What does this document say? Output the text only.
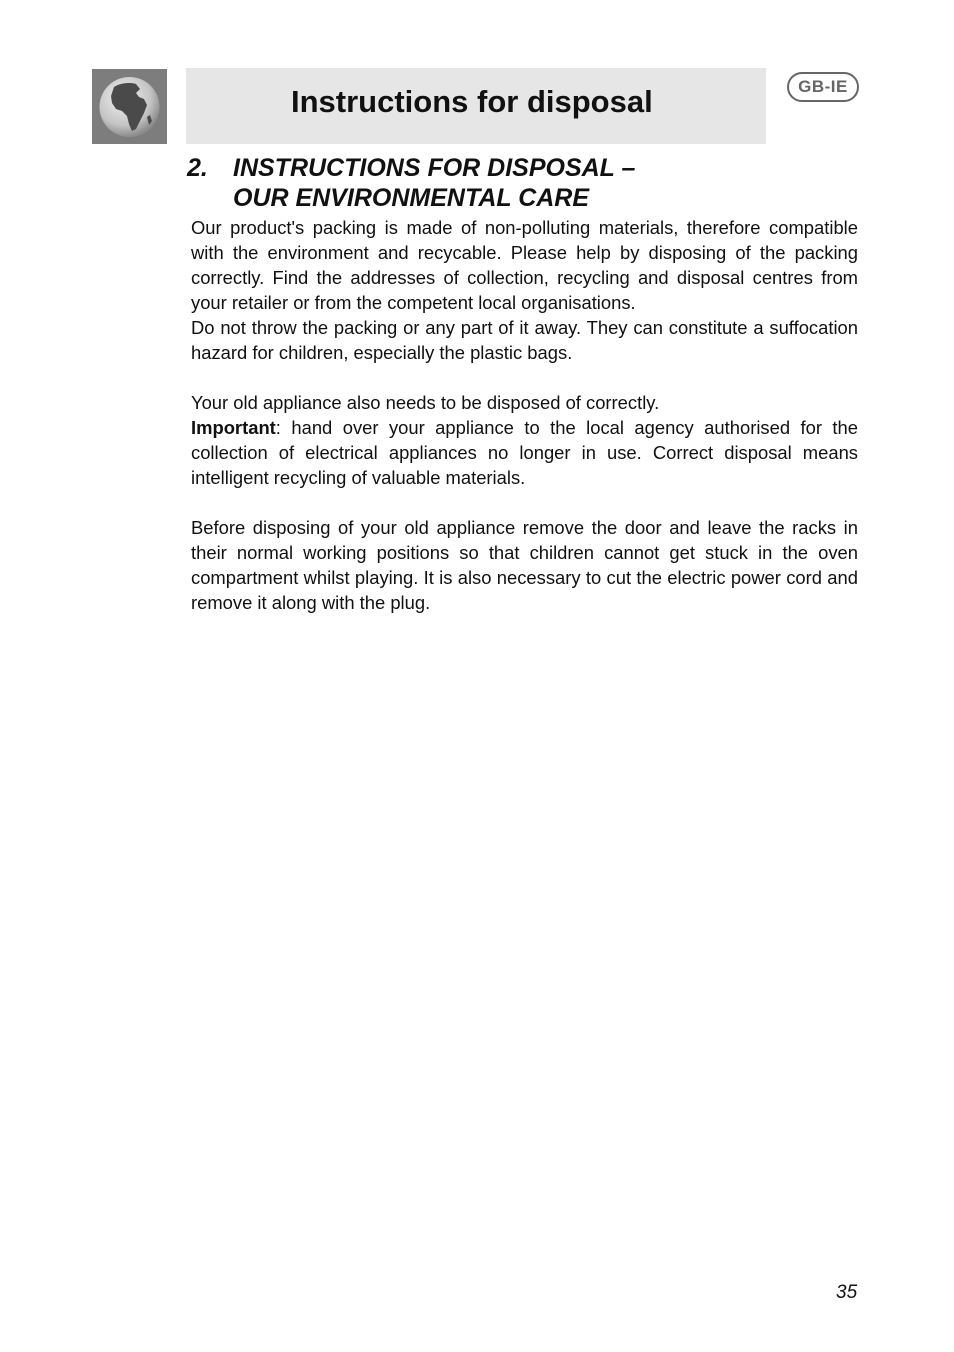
Instructions for disposal	GB-IE
2. INSTRUCTIONS FOR DISPOSAL –
OUR ENVIRONMENTAL CARE

Our product's packing is made of non-polluting materials, therefore compatible with the environment and recycable. Please help by disposing of the packing correctly. Find the addresses of collection, recycling and disposal centres from your retailer or from the competent local organisations.

Do not throw the packing or any part of it away. They can constitute a suffocation hazard for children, especially the plastic bags.

Your old appliance also needs to be disposed of correctly.

Important: hand over your appliance to the local agency authorised for the collection of electrical appliances no longer in use. Correct disposal means intelligent recycling of valuable materials.

Before disposing of your old appliance remove the door and leave the racks in their normal working positions so that children cannot get stuck in the oven compartment whilst playing. It is also necessary to cut the electric power cord and remove it along with the plug.

35
